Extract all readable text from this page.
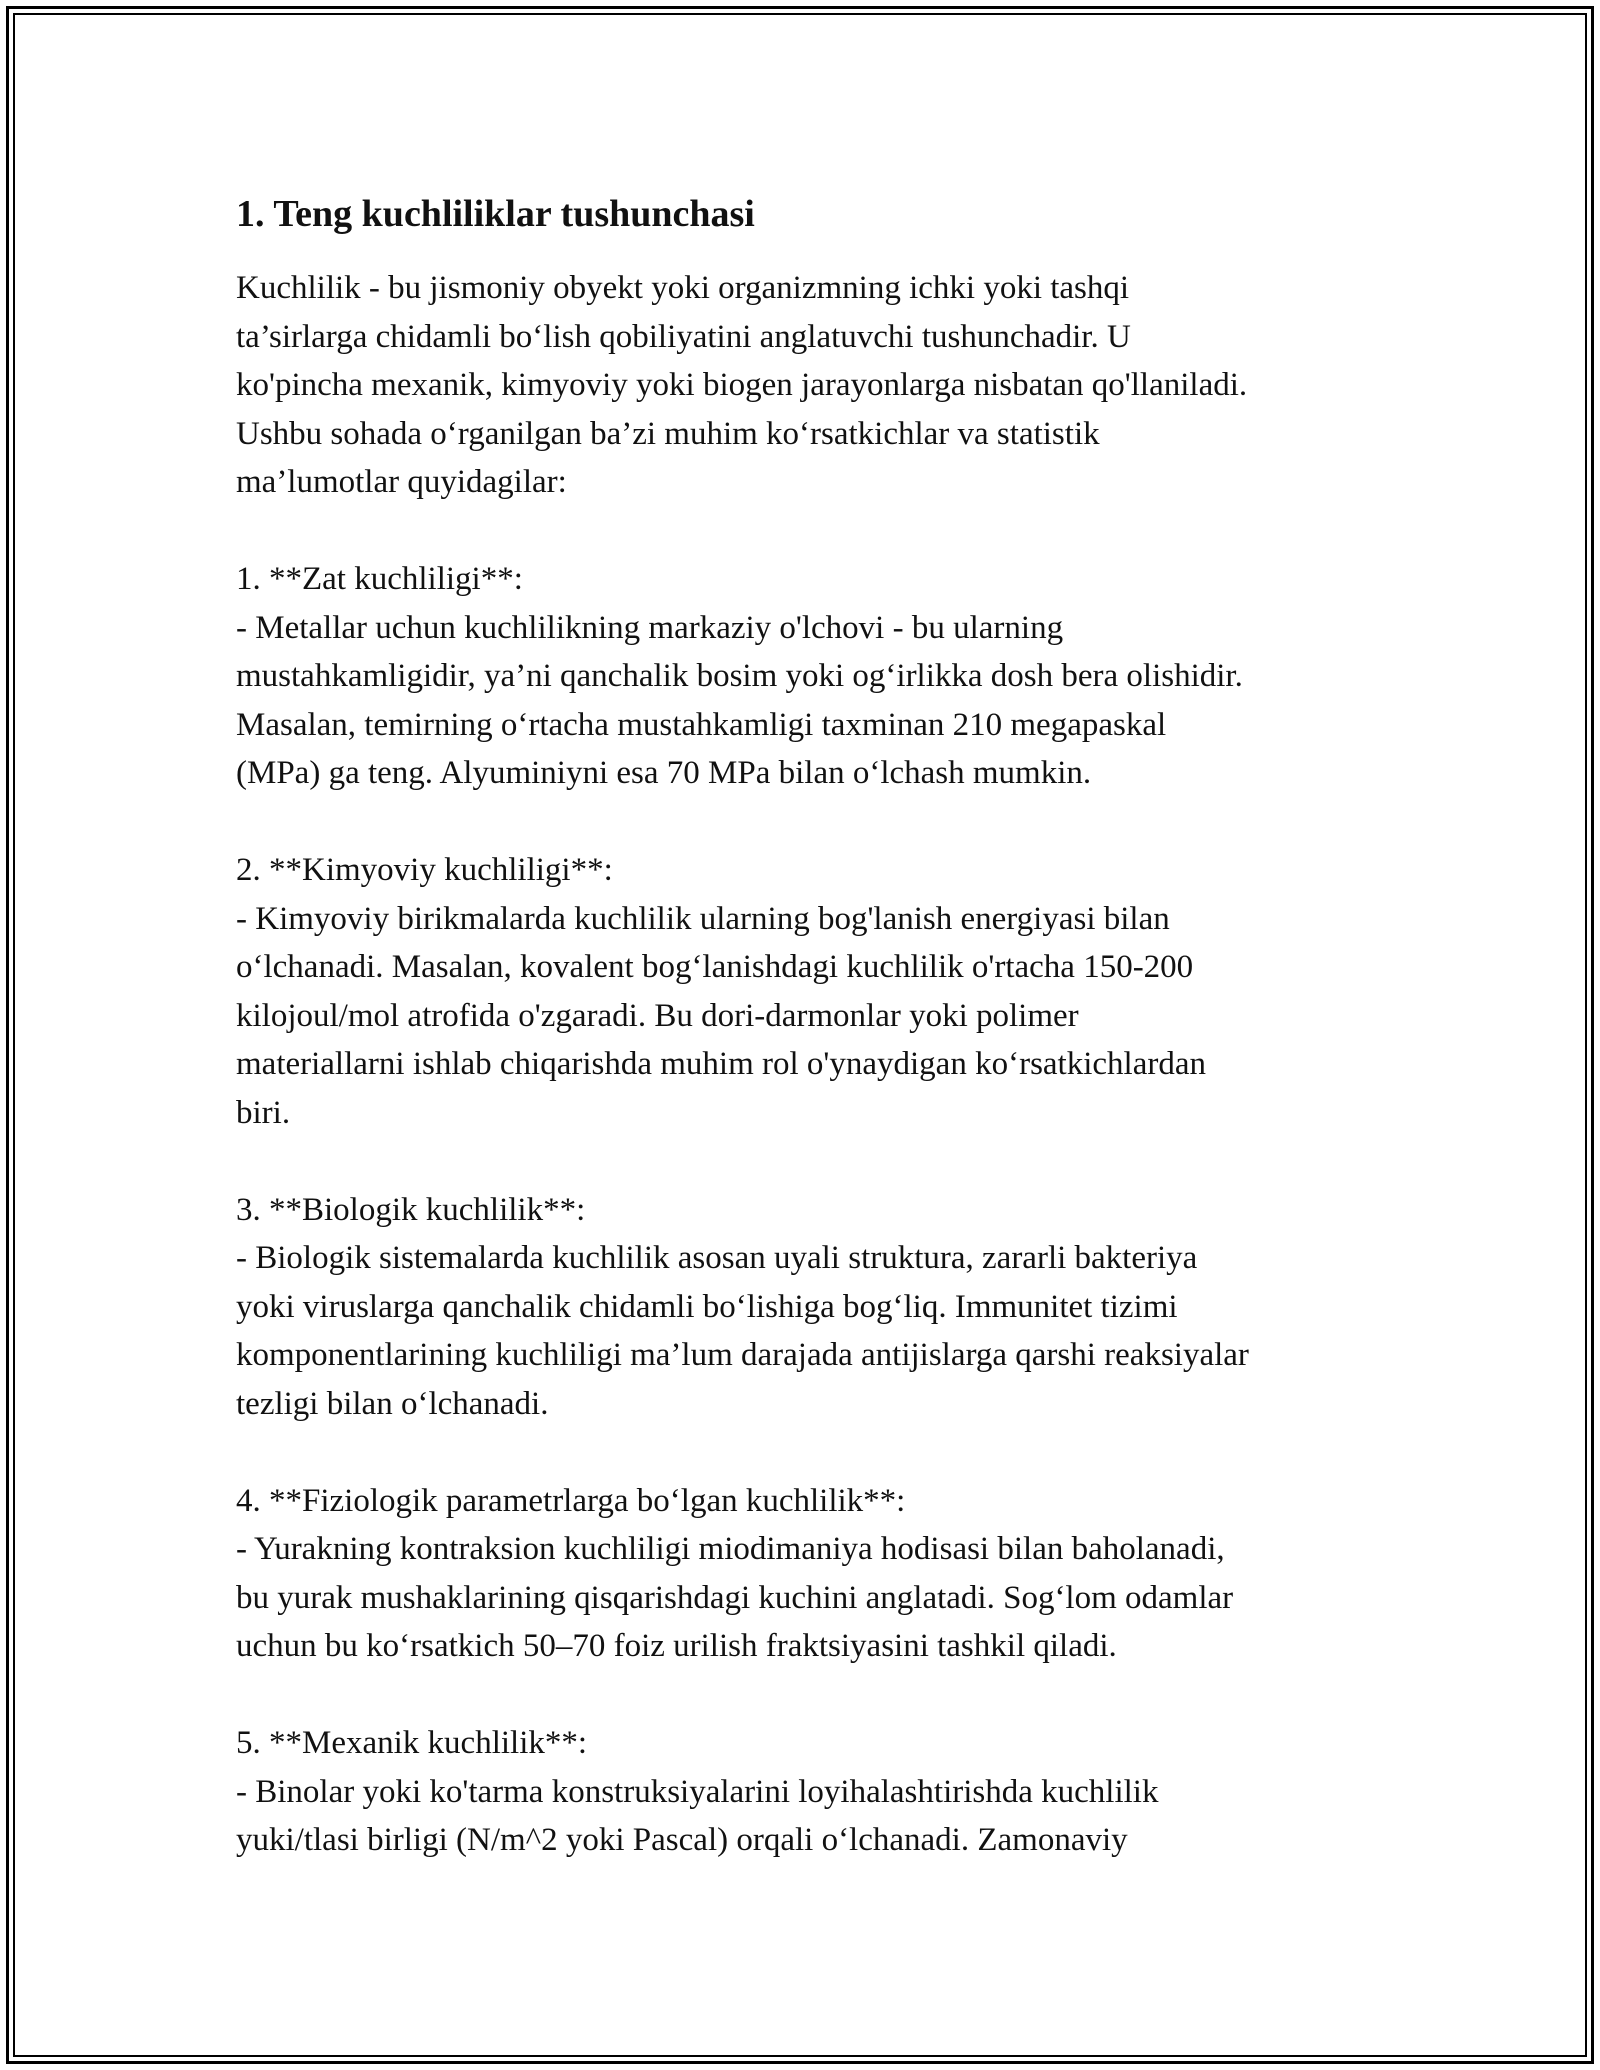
1. Teng kuchliliklar tushunchasi

Kuchlilik - bu jismoniy obyekt yoki organizmning ichki yoki tashqi
ta’sirlarga chidamli bo‘lish qobiliyatini anglatuvchi tushunchadir. U
ko'pincha mexanik, kimyoviy yoki biogen jarayonlarga nisbatan qo'llaniladi.
Ushbu sohada o‘rganilgan ba’zi muhim ko‘rsatkichlar va statistik
ma’lumotlar quyidagilar:

1. **Zat kuchliligi**:

- Metallar uchun kuchlilikning markaziy o'lchovi - bu ularning
mustahkamligidir, ya’ni qanchalik bosim yoki og‘irlikka dosh bera olishidir.
Masalan, temirning o‘rtacha mustahkamligi taxminan 210 megapaskal
(MPa) ga teng. Alyuminiyni esa 70 MPa bilan o‘lchash mumkin.

2. **Kimyoviy kuchliligi**:

- Kimyoviy birikmalarda kuchlilik ularning bog'lanish energiyasi bilan
o‘lchanadi. Masalan, kovalent bog‘lanishdagi kuchlilik o'rtacha 150-200
kilojoul/mol atrofida o'zgaradi. Bu dori-darmonlar yoki polimer
materiallarni ishlab chiqarishda muhim rol o'ynaydigan ko‘rsatkichlardan
biri.

3. **Biologik kuchlilik**:

- Biologik sistemalarda kuchlilik asosan uyali struktura, zararli bakteriya
yoki viruslarga qanchalik chidamli bo‘lishiga bog‘liq. Immunitet tizimi
komponentlarining kuchliligi ma’lum darajada antijislarga qarshi reaksiyalar
tezligi bilan o‘lchanadi.

4. **Fiziologik parametrlarga bo‘lgan kuchlilik**:

- Yurakning kontraksion kuchliligi miodimaniya hodisasi bilan baholanadi,
bu yurak mushaklarining qisqarishdagi kuchini anglatadi. Sog‘lom odamlar
uchun bu ko‘rsatkich 50–70 foiz urilish fraktsiyasini tashkil qiladi.

5. **Mexanik kuchlilik**:

- Binolar yoki ko'tarma konstruksiyalarini loyihalashtirishda kuchlilik
yuki/tlasi birligi (N/m^2 yoki Pascal) orqali o‘lchanadi. Zamonaviy
